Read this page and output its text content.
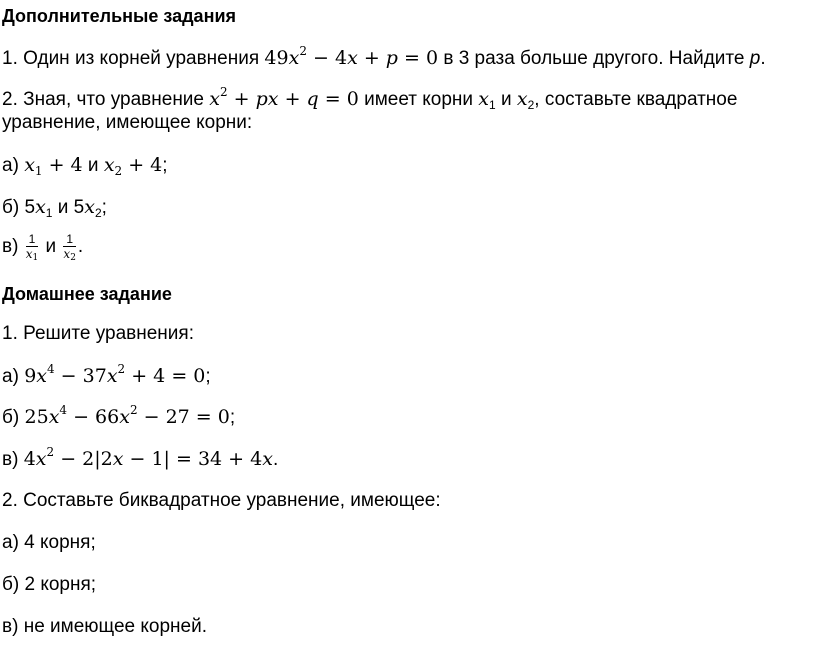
Дополнительные задания
1. Один из корней уравнения $49x^2 - 4x + p = 0$ в 3 раза больше другого. Найдите p.
2. Зная, что уравнение $x^2$ + px + q = 0 имеет корни $x_1$ и $x_2$, составьте квадратное
уравнение, имеющее корни:
а) $x_1 + 4$ и $x_2 + 4$;
б) $5x_1$ и $5x_2$;
$в) \frac{1}{x_1}$ и $\frac{1}{x_2}$ .
Домашнее задание
1. Решите уравнения:
а) $9x^4 - 37x^2 + 4 = 0$;
б) $25x^4 - 66x^2 - 27 = 0$;
в) $4x^2 - 2|2x - 1| = 34 + 4x$.
2. Составьте биквадратное уравнение, имеющее:
а) 4 корня;
б) 2 корня;
в) не имеющее корней.
